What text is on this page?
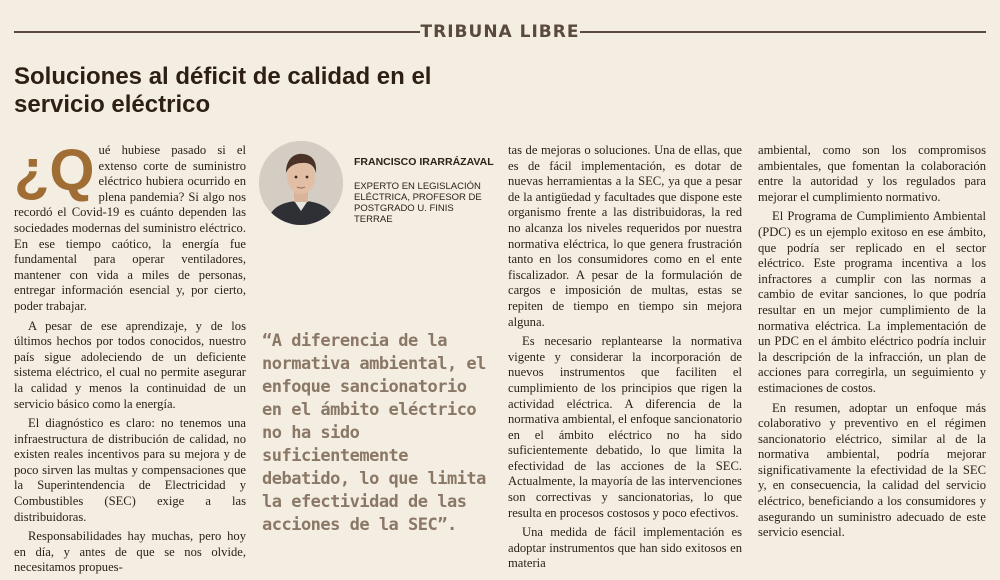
TRIBUNA LIBRE
Soluciones al déficit de calidad en el servicio eléctrico

¿Q ué hubiese pasado si el extenso corte de suministro eléctrico hubiera ocurrido en plena pandemia? Si algo nos recordó el Covid-19 es cuánto dependen las sociedades modernas del suministro eléctrico. En ese tiempo caótico, la energía fue fundamental para operar ventiladores, mantener con vida a miles de personas, entregar información esencial y, por cierto, poder trabajar.

A pesar de ese aprendizaje, y de los últimos hechos por todos conocidos, nuestro país sigue adoleciendo de un deficiente sistema eléctrico, el cual no permite asegurar la calidad y menos la continuidad de un servicio básico como la energía.

El diagnóstico es claro: no tenemos una infraestructura de distribución de calidad, no existen reales incentivos para su mejora y de poco sirven las multas y compensaciones que la Superintendencia de Electricidad y Combustibles (SEC) exige a las distribuidoras.

Responsabilidades hay muchas, pero hoy en día, y antes de que se nos olvide, necesitamos propues-

FRANCISCO IRARRÁZAVAL

EXPERTO EN LEGISLACIÓN ELÉCTRICA, PROFESOR DE POSTGRADO U. FINIS TERRAE

“A diferencia de la normativa ambiental, el enfoque sancionatorio en el ámbito eléctrico no ha sido suficientemente debatido, lo que limita la efectividad de las acciones de la SEC”.

tas de mejoras o soluciones. Una de ellas, que es de fácil implementación, es dotar de nuevas herramientas a la SEC, ya que a pesar de la antigüedad y facultades que dispone este organismo frente a las distribuidoras, la red no alcanza los niveles requeridos por nuestra normativa eléctrica, lo que genera frustración tanto en los consumidores como en el ente fiscalizador. A pesar de la formulación de cargos e imposición de multas, estas se repiten de tiempo en tiempo sin mejora alguna.

Es necesario replantearse la normativa vigente y considerar la incorporación de nuevos instrumentos que faciliten el cumplimiento de los principios que rigen la actividad eléctrica. A diferencia de la normativa ambiental, el enfoque sancionatorio en el ámbito eléctrico no ha sido suficientemente debatido, lo que limita la efectividad de las acciones de la SEC. Actualmente, la mayoría de las intervenciones son correctivas y sancionatorias, lo que resulta en procesos costosos y poco efectivos.

Una medida de fácil implementación es adoptar instrumentos que han sido exitosos en materia

ambiental, como son los compromisos ambientales, que fomentan la colaboración entre la autoridad y los regulados para mejorar el cumplimiento normativo.

El Programa de Cumplimiento Ambiental (PDC) es un ejemplo exitoso en ese ámbito, que podría ser replicado en el sector eléctrico. Este programa incentiva a los infractores a cumplir con las normas a cambio de evitar sanciones, lo que podría resultar en un mejor cumplimiento de la normativa eléctrica. La implementación de un PDC en el ámbito eléctrico podría incluir la descripción de la infracción, un plan de acciones para corregirla, un seguimiento y estimaciones de costos.

En resumen, adoptar un enfoque más colaborativo y preventivo en el régimen sancionatorio eléctrico, similar al de la normativa ambiental, podría mejorar significativamente la efectividad de la SEC y, en consecuencia, la calidad del servicio eléctrico, beneficiando a los consumidores y asegurando un suministro adecuado de este servicio esencial.
